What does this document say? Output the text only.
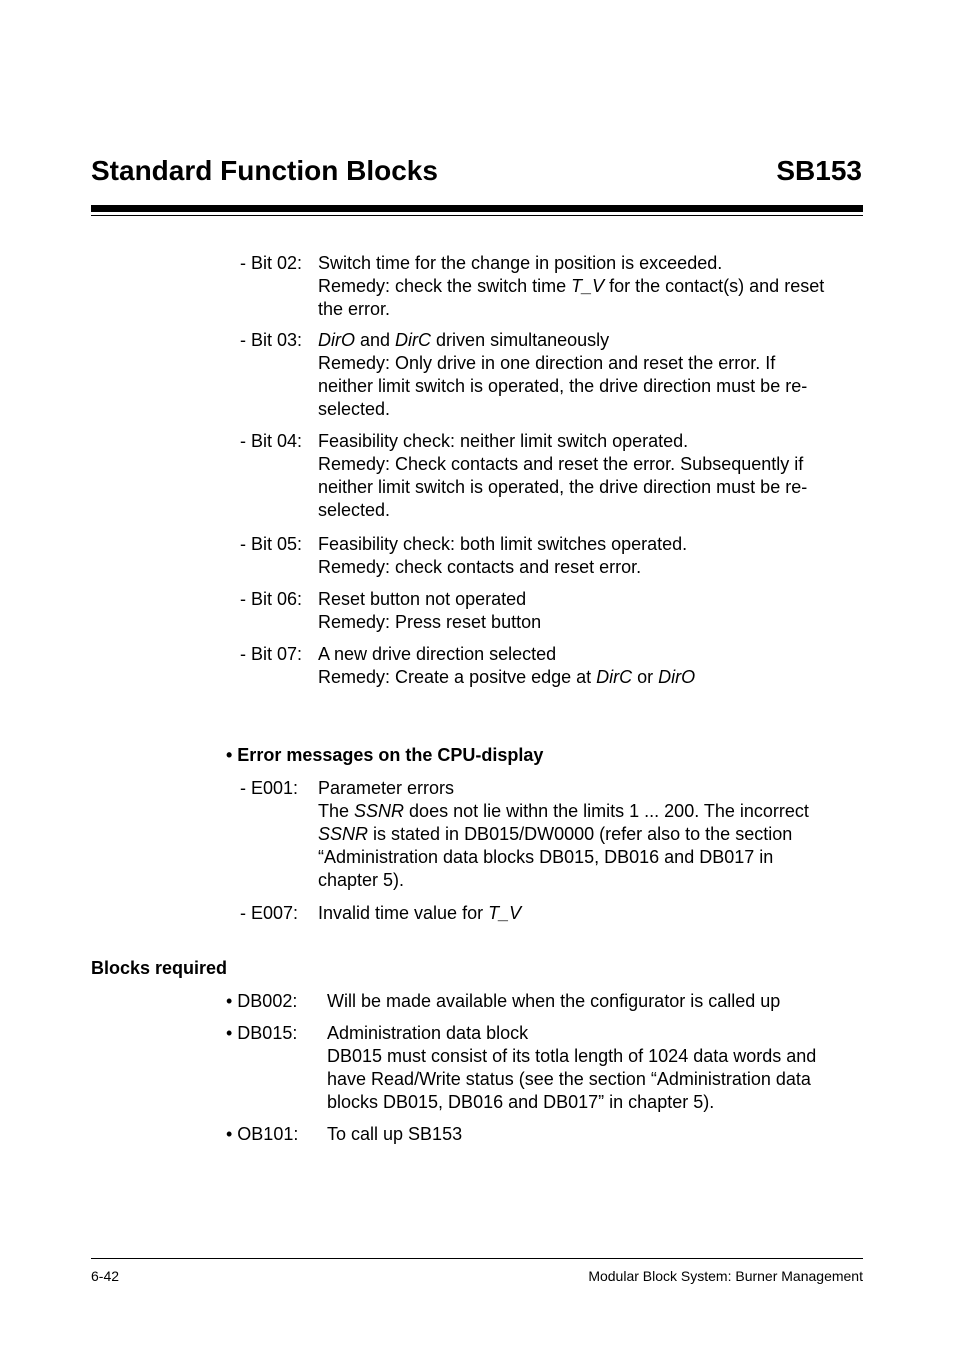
Standard Function Blocks	SB153
- Bit 02: Switch time for the change in position is exceeded.
Remedy: check the switch time T_V for the contact(s) and reset
the error.
- Bit 03: DirO and DirC driven simultaneously
Remedy: Only drive in one direction and reset the error. If
neither limit switch is operated, the drive direction must be re-
selected.
- Bit 04: Feasibility check: neither limit switch operated.
Remedy: Check contacts and reset the error. Subsequently if
neither limit switch is operated, the drive direction must be re-
selected.
- Bit 05: Feasibility check: both limit switches operated.
Remedy: check contacts and reset error.
- Bit 06: Reset button not operated
Remedy: Press reset button
- Bit 07: A new drive direction selected
Remedy: Create a positve edge at DirC or DirO
• Error messages on the CPU-display
- E001: Parameter errors
The SSNR does not lie withn the limits 1 ... 200. The incorrect
SSNR is stated in DB015/DW0000 (refer also to the section
“Administration data blocks DB015, DB016 and DB017 in
chapter 5).
- E007: Invalid time value for T_V
Blocks required
• DB002: Will be made available when the configurator is called up
• DB015: Administration data block
DB015 must consist of its totla length of 1024 data words and
have Read/Write status (see the section “Administration data
blocks DB015, DB016 and DB017” in chapter 5).
• OB101: To call up SB153
6-42	Modular Block System: Burner Management
